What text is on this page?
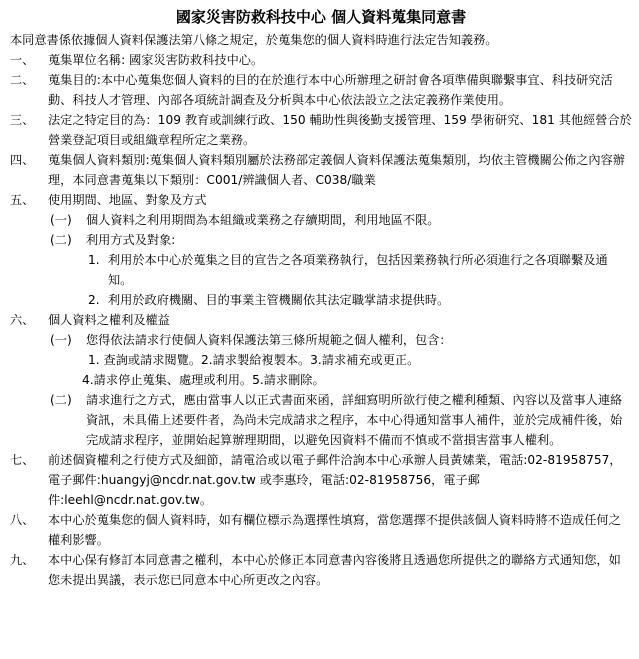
國家災害防救科技中心 個人資料蒐集同意書
本同意書係依據個人資料保護法第八條之規定，於蒐集您的個人資料時進行法定告知義務。
一、	蒐集單位名稱: 國家災害防救科技中心。
二、	蒐集目的:本中心蒐集您個人資料的目的在於進行本中心所辦理之研討會各項準備與聯繫事宜、科技研究活動、科技人才管理、內部各項統計調查及分析與本中心依法設立之法定義務作業使用。
三、	法定之特定目的為：109 教育或訓練行政、150 輔助性與後勤支援管理、159 學術研究、181 其他經營合於營業登記項目或組織章程所定之業務。
四、	蒐集個人資料類別:蒐集個人資料類別屬於法務部定義個人資料保護法蒐集類別，均依主管機關公佈之內容辦理，本同意書蒐集以下類別：C001/辨識個人者、C038/職業
五、	使用期間、地區、對象及方式
(一)	個人資料之利用期間為本組織或業務之存續期間，利用地區不限。
(二)	利用方式及對象:
1. 利用於本中心於蒐集之目的宣告之各項業務執行，包括因業務執行所必須進行之各項聯繫及通知。
2. 利用於政府機關、目的事業主管機關依其法定職掌請求提供時。
六、	個人資料之權利及權益
(一)	您得依法請求行使個人資料保護法第三條所規範之個人權利，包含：
1. 查詢或請求閱覽。2.請求製給複製本。3.請求補充或更正。
4.請求停止蒐集、處理或利用。5.請求刪除。
(二)	請求進行之方式，應由當事人以正式書面來函，詳細寫明所欲行使之權利種類、內容以及當事人連絡資訊，未具備上述要件者，為尚未完成請求之程序，本中心得通知當事人補件，並於完成補件後，始完成請求程序，並開始起算辦理期間，以避免因資料不備而不慎或不當損害當事人權利。
七、	前述個資權利之行使方式及細節，請電洽或以電子郵件洽詢本中心承辦人員黃嫊業，電話:02-81958757，電子郵件:huangyj@ncdr.nat.gov.tw 或李惠玲，電話:02-81958756，電子郵件:leehl@ncdr.nat.gov.tw。
八、	本中心於蒐集您的個人資料時，如有欄位標示為選擇性填寫，當您選擇不提供該個人資料時將不造成任何之權利影響。
九、	本中心保有修訂本同意書之權利，本中心於修正本同意書內容後將且透過您所提供之的聯絡方式通知您，如您未提出異議，表示您已同意本中心所更改之內容。
